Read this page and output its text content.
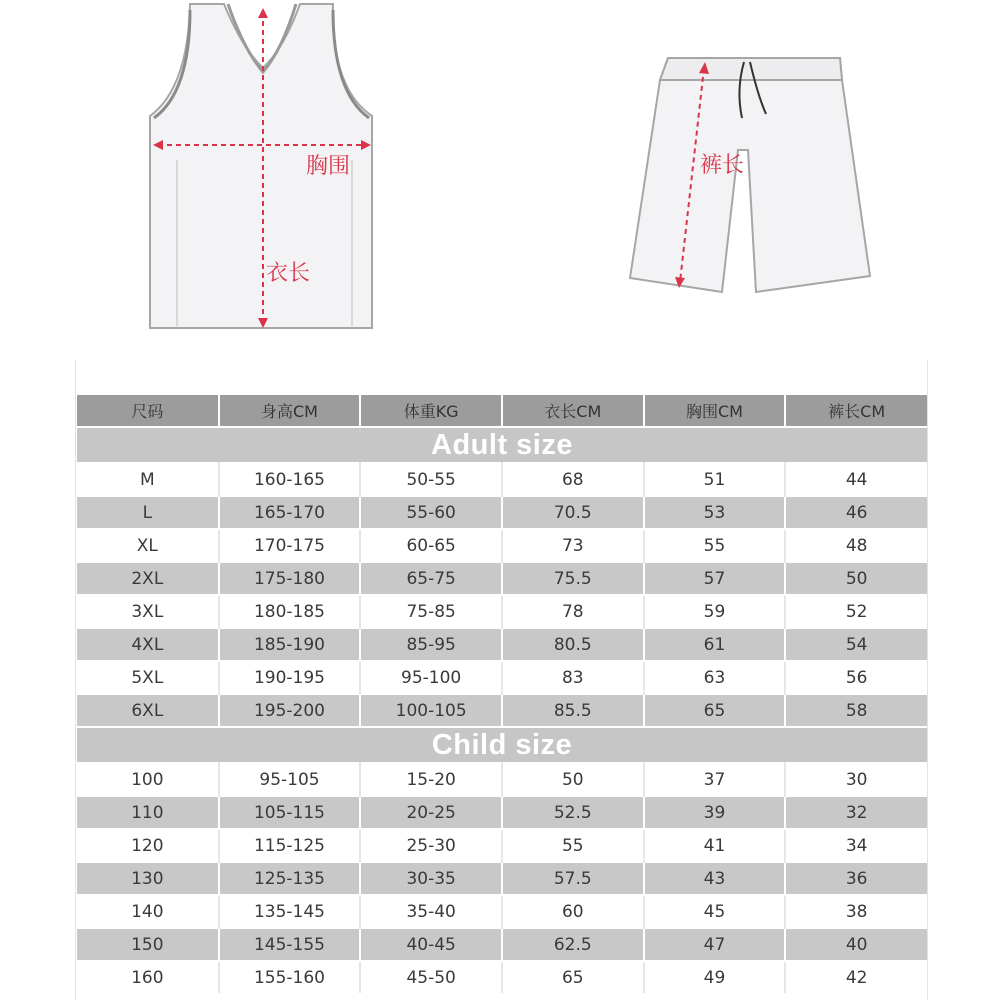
胸围
衣长
裤长
尺码	身高CM	体重KG	衣长CM	胸围CM	裤长CM
Adult size					
M	160-165	50-55	68	51	44
L	165-170	55-60	70.5	53	46
XL	170-175	60-65	73	55	48
2XL	175-180	65-75	75.5	57	50
3XL	180-185	75-85	78	59	52
4XL	185-190	85-95	80.5	61	54
5XL	190-195	95-100	83	63	56
6XL	195-200	100-105	85.5	65	58
Child size					
100	95-105	15-20	50	37	30
110	105-115	20-25	52.5	39	32
120	115-125	25-30	55	41	34
130	125-135	30-35	57.5	43	36
140	135-145	35-40	60	45	38
150	145-155	40-45	62.5	47	40
160	155-160	45-50	65	49	42
